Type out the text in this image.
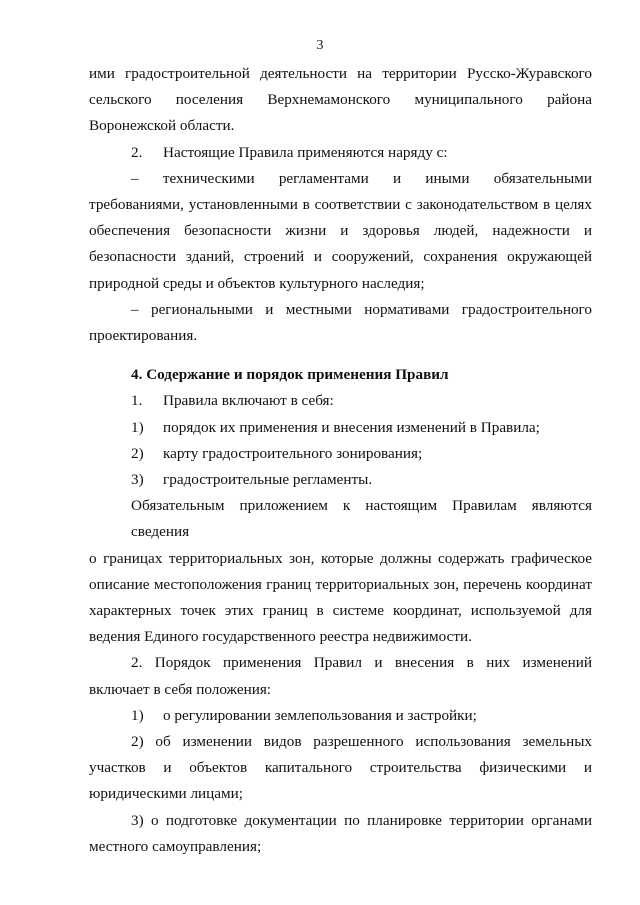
3
ими градостроительной деятельности на территории Русско-Журавского
сельского поселения Верхнемамонского муниципального района
Воронежской области.
2.	Настоящие Правила применяются наряду с:
– техническими регламентами и иными обязательными
требованиями, установленными в соответствии с законодательством в целях
обеспечения безопасности жизни и здоровья людей, надежности и
безопасности зданий, строений и сооружений, сохранения окружающей
природной среды и объектов культурного наследия;
– региональными и местными нормативами градостроительного
проектирования.
4. Содержание и порядок применения Правил
1.	Правила включают в себя:
1)	порядок их применения и внесения изменений в Правила;
2)	карту градостроительного зонирования;
3)	градостроительные регламенты.
Обязательным приложением к настоящим Правилам являются сведения
о границах территориальных зон, которые должны содержать графическое
описание местоположения границ территориальных зон, перечень координат
характерных точек этих границ в системе координат, используемой для
ведения Единого государственного реестра недвижимости.
2. Порядок применения Правил и внесения в них изменений
включает в себя положения:
1)	о регулировании землепользования и застройки;
2) об изменении видов разрешенного использования земельных
участков и объектов капитального строительства физическими и
юридическими лицами;
3) о подготовке документации по планировке территории органами
местного самоуправления;
